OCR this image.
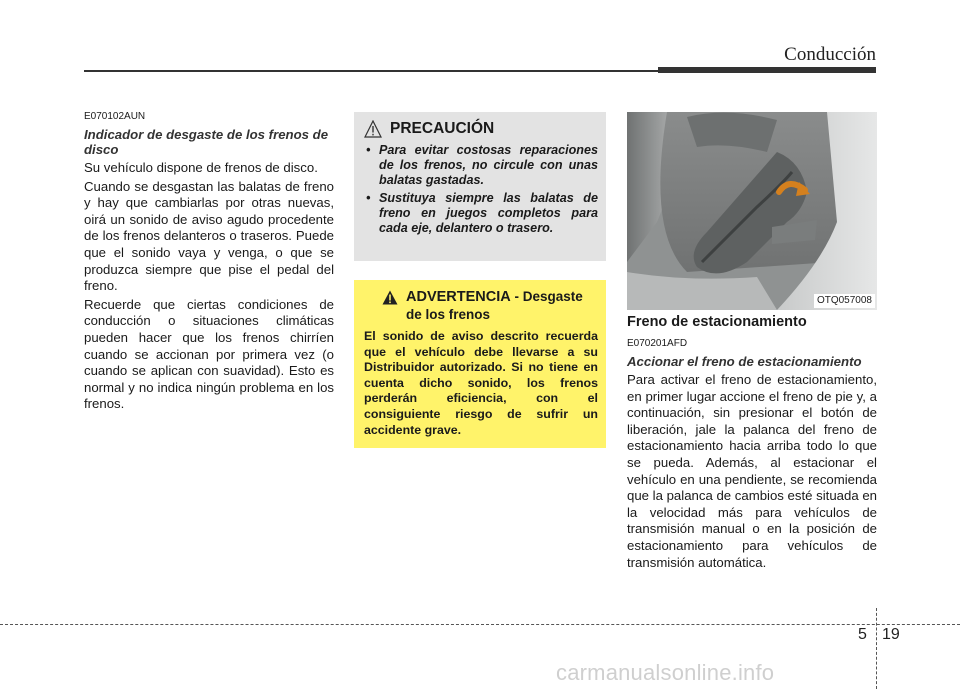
Conducción
E070102AUN
Indicador de desgaste de los frenos de disco

Su vehículo dispone de frenos de disco.

Cuando se desgastan las balatas de freno y hay que cambiarlas por otras nuevas, oirá un sonido de aviso agudo procedente de los frenos delanteros o traseros. Puede que el sonido vaya y venga, o que se produzca siempre que pise el pedal del freno.

Recuerde que ciertas condiciones de conducción o situaciones climáticas pueden hacer que los frenos chirríen cuando se accionan por primera vez (o cuando se aplican con suavidad). Esto es normal y no indica ningún problema en los frenos.

PRECAUCIÓN
• Para evitar costosas reparaciones de los frenos, no circule con unas balatas gastadas.
• Sustituya siempre las balatas de freno en juegos completos para cada eje, delantero o trasero.
ADVERTENCIA - Desgaste de los frenos
El sonido de aviso descrito recuerda que el vehículo debe llevarse a su Distribuidor autorizado. Si no tiene en cuenta dicho sonido, los frenos perderán eficiencia, con el consiguiente riesgo de sufrir un accidente grave.
OTQ057008
Freno de estacionamiento
E070201AFD
Accionar el freno de estacionamiento

Para activar el freno de estacionamiento, en primer lugar accione el freno de pie y, a continuación, sin presionar el botón de liberación, jale la palanca del freno de estacionamiento hacia arriba todo lo que se pueda. Además, al estacionar el vehículo en una pendiente, se recomienda que la palanca de cambios esté situada en la velocidad más para vehículos de transmisión manual o en la posición de estacionamiento para vehículos de transmisión automática.

5 19
carmanualsonline.info
